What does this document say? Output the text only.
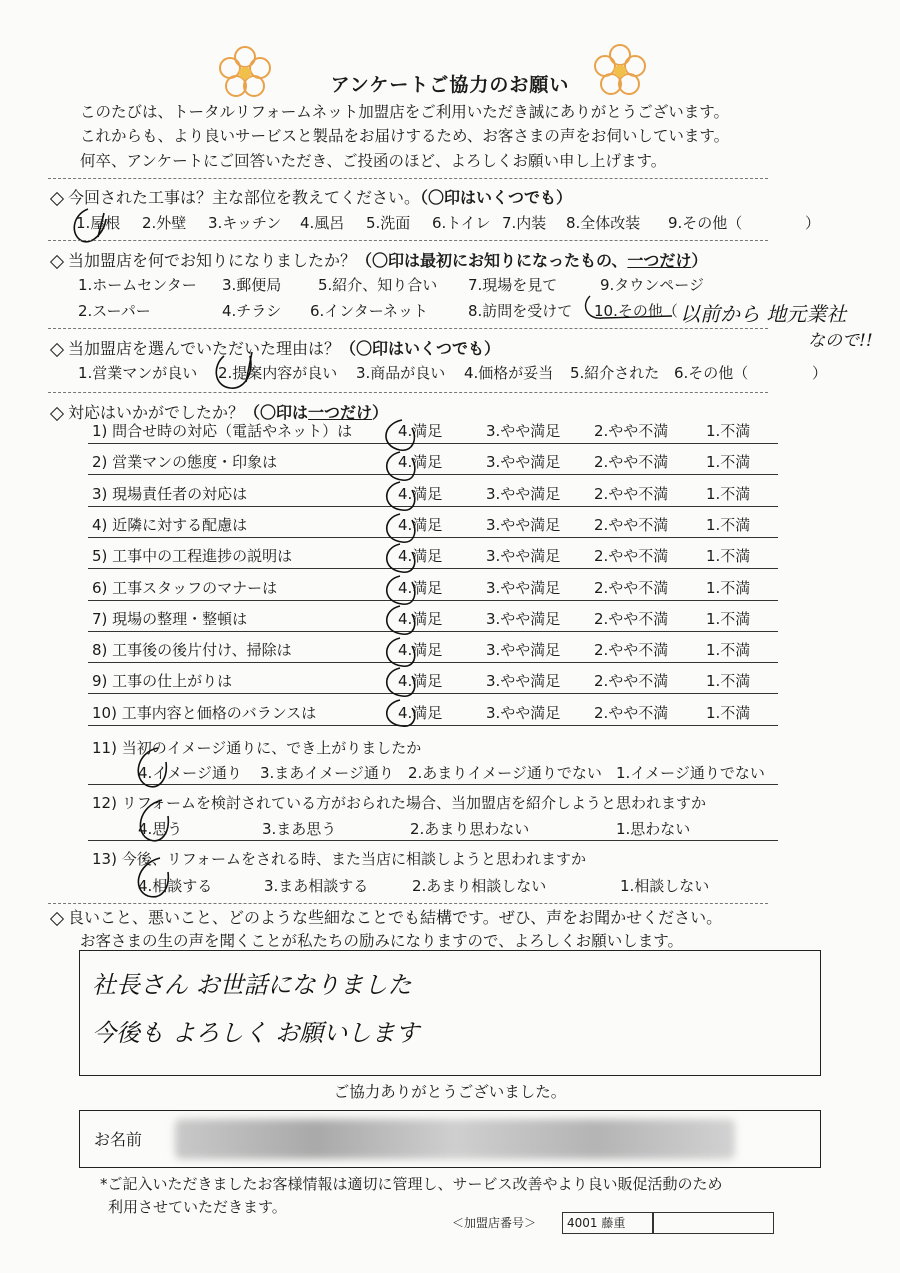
アンケートご協力のお願い
このたびは、トータルリフォームネット加盟店をご利用いただき誠にありがとうございます。
これからも、より良いサービスと製品をお届けするため、お客さまの声をお伺いしています。
何卒、アンケートにご回答いただき、ご投函のほど、よろしくお願い申し上げます。
今回された工事は？主な部位を教えてください。（〇印はいくつでも）
1.屋根 2.外壁 3.キッチン 4.風呂 5.洗面 6.トイレ 7.内装 8.全体改装 9.その他（	）
当加盟店を何でお知りになりましたか？（〇印は最初にお知りになったもの、一つだけ）
1.ホームセンター 3.郵便局 5.紹介、知り合い 7.現場を見て	9.タウンページ
2.スーパー	4.チラシ 6.インターネット	8.訪問を受けて 10.その他（ 以前から 地元業社
なので!!
当加盟店を選んでいただいた理由は？（〇印はいくつでも）
1.営業マンが良い 2.提案内容が良い 3.商品が良い 4.価格が妥当 5.紹介された 6.その他（	）
対応はいかがでしたか？（〇印は一つだけ）
1) 問合せ時の対応（電話やネット）は	4.満足	3.やや満足 2.やや不満	1.不満
2) 営業マンの態度・印象は	4.満足	3.やや満足 2.やや不満	1.不満
3) 現場責任者の対応は	4.満足	3.やや満足 2.やや不満	1.不満
4) 近隣に対する配慮は	4.満足	3.やや満足 2.やや不満	1.不満
5) 工事中の工程進捗の説明は	4.満足	3.やや満足 2.やや不満	1.不満
6) 工事スタッフのマナーは	4.満足	3.やや満足 2.やや不満	1.不満
7) 現場の整理・整頓は	4.満足	3.やや満足 2.やや不満	1.不満
8) 工事後の後片付け、掃除は	4.満足	3.やや満足 2.やや不満	1.不満
9) 工事の仕上がりは	4.満足	3.やや満足 2.やや不満	1.不満
10) 工事内容と価格のバランスは	4.満足	3.やや満足 2.やや不満	1.不満
11) 当初のイメージ通りに、でき上がりましたか
4.イメージ通り 3.まあイメージ通り 2.あまりイメージ通りでない 1.イメージ通りでない
12) リフォームを検討されている方がおられた場合、当加盟店を紹介しようと思われますか
4.思う	3.まあ思う	2.あまり思わない	1.思わない
13) 今後、リフォームをされる時、また当店に相談しようと思われますか
4.相談する	3.まあ相談する	2.あまり相談しない	1.相談しない
良いこと、悪いこと、どのような些細なことでも結構です。ぜひ、声をお聞かせください。
お客さまの生の声を聞くことが私たちの励みになりますので、よろしくお願いします。
社長さん お世話になりました
今後も よろしく お願いします
ご協力ありがとうございました。
お名前
*ご記入いただきましたお客様情報は適切に管理し、サービス改善やより良い販促活動のため
利用させていただきます。
＜加盟店番号＞	4001 藤重
